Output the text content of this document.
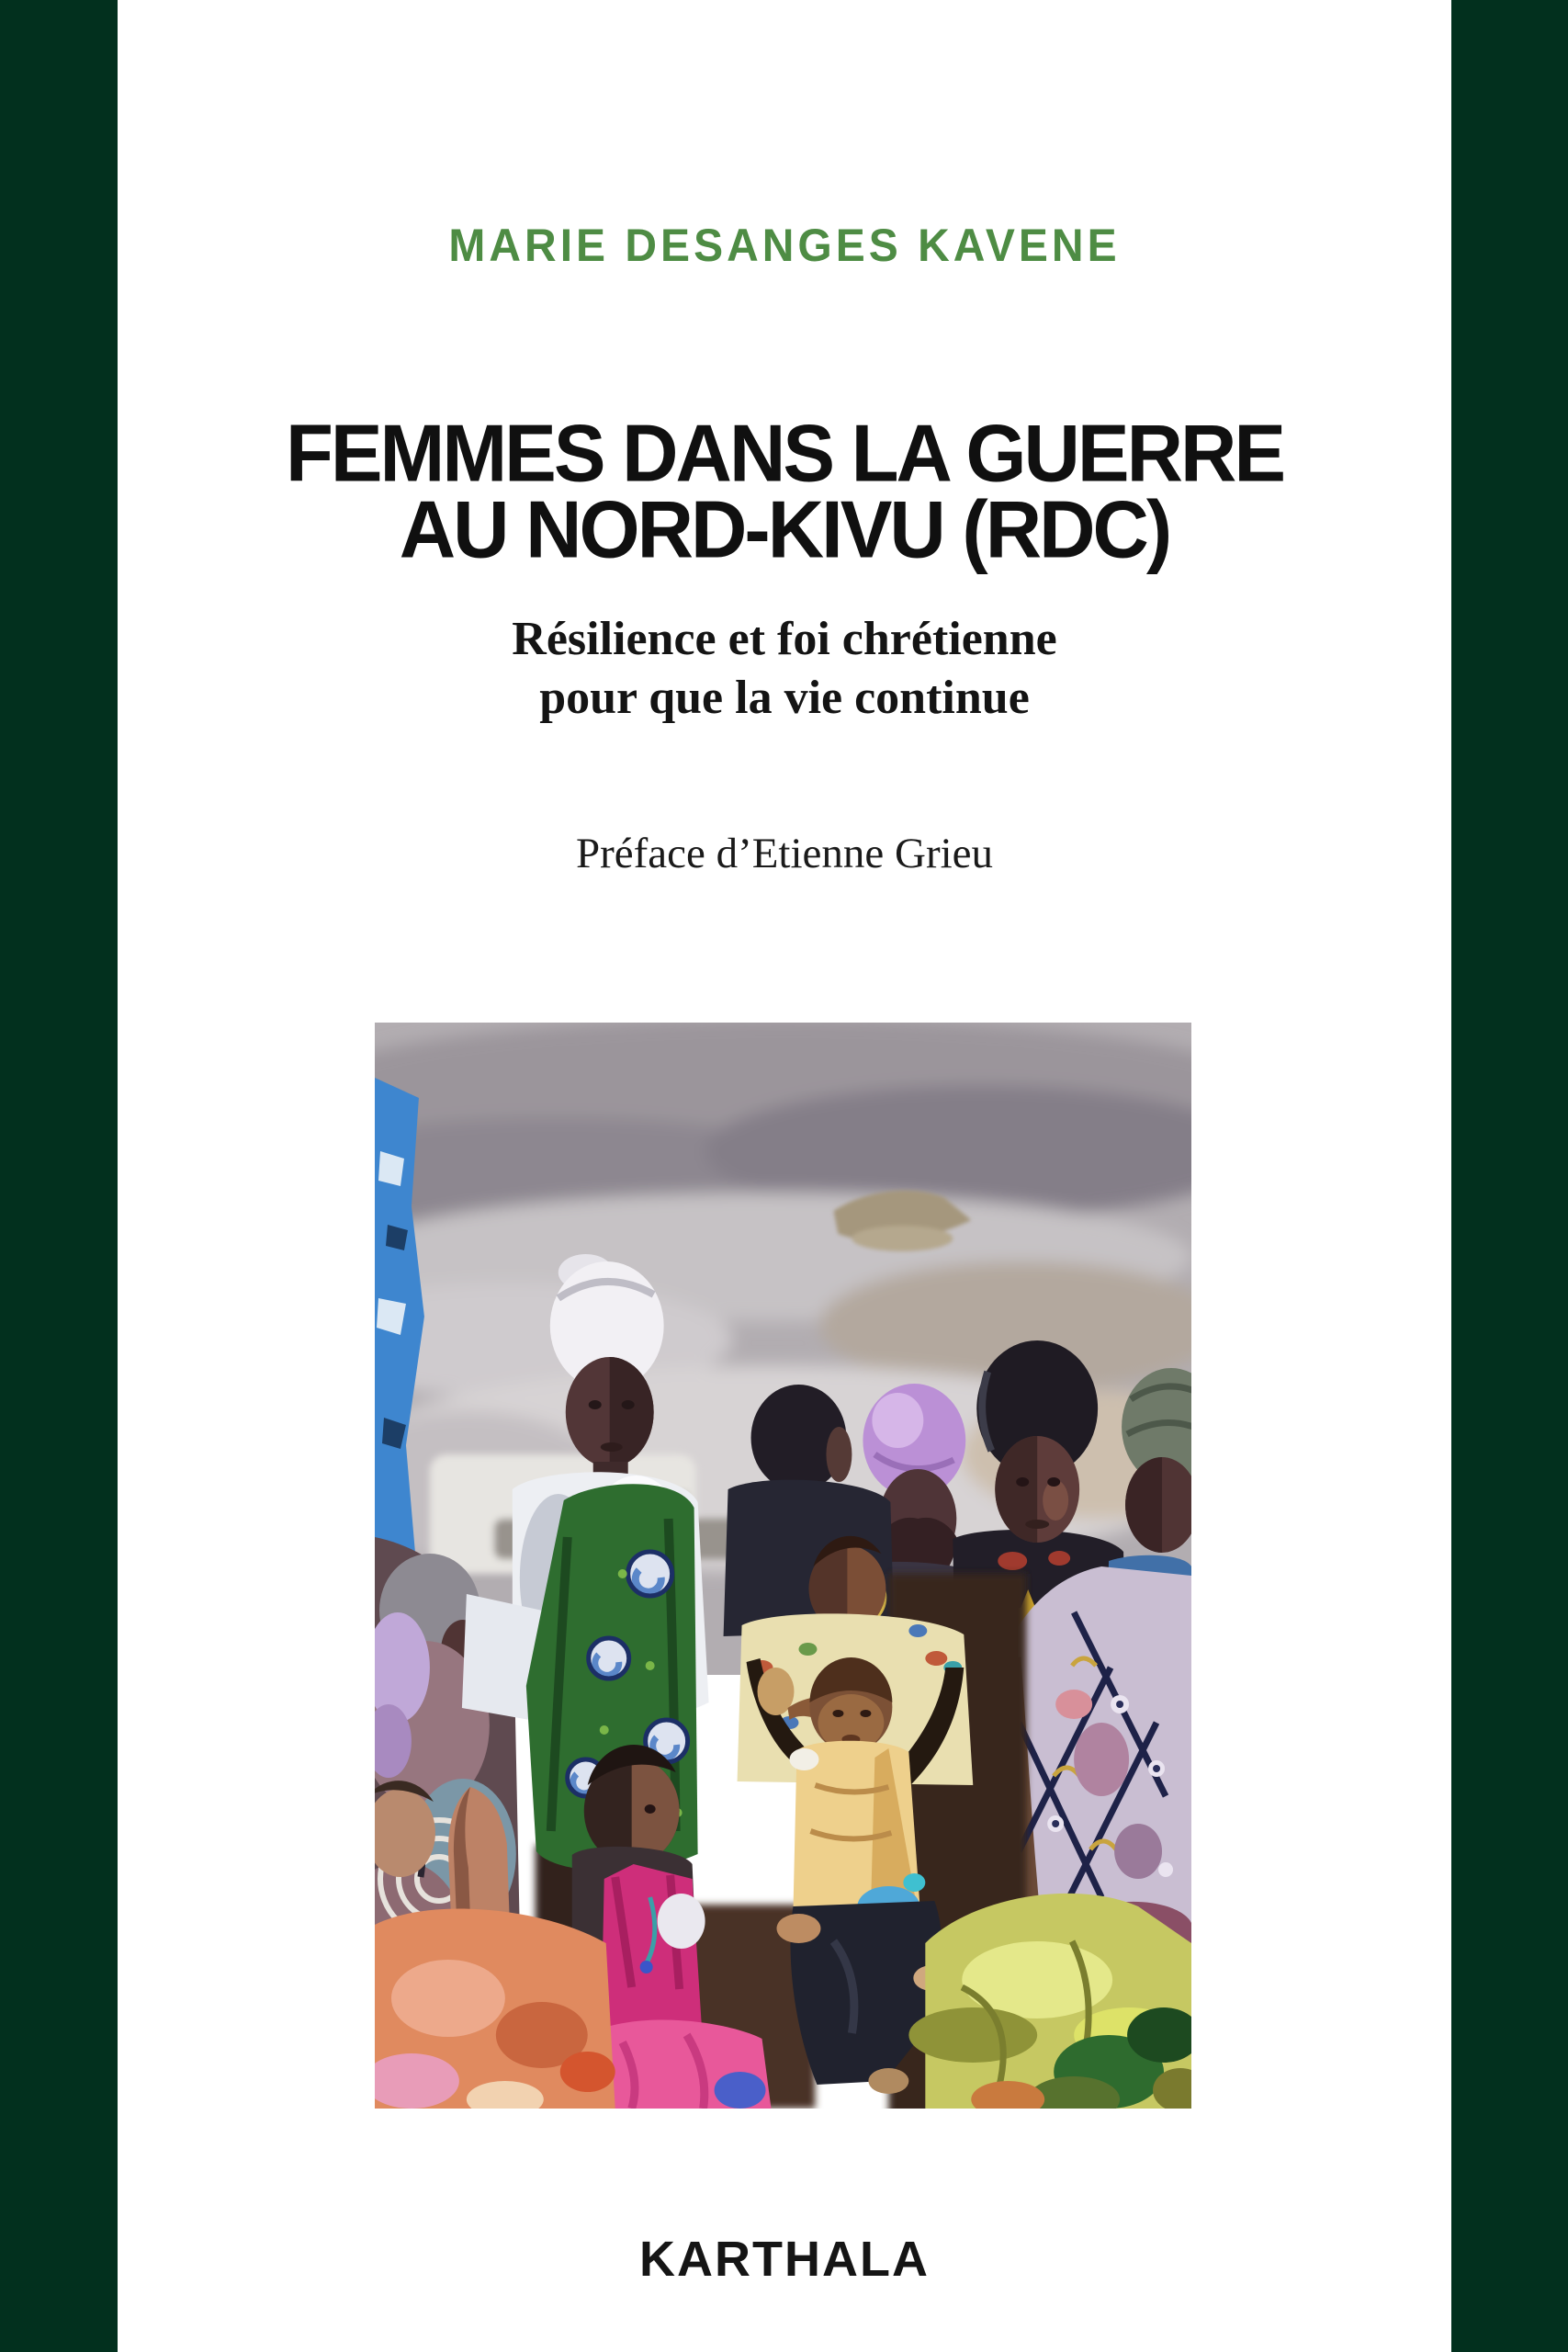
MARIE DESANGES KAVENE
FEMMES DANS LA GUERRE
AU NORD-KIVU (RDC)
Résilience et foi chrétienne
pour que la vie continue
Préface d’Etienne Grieu
KARTHALA
